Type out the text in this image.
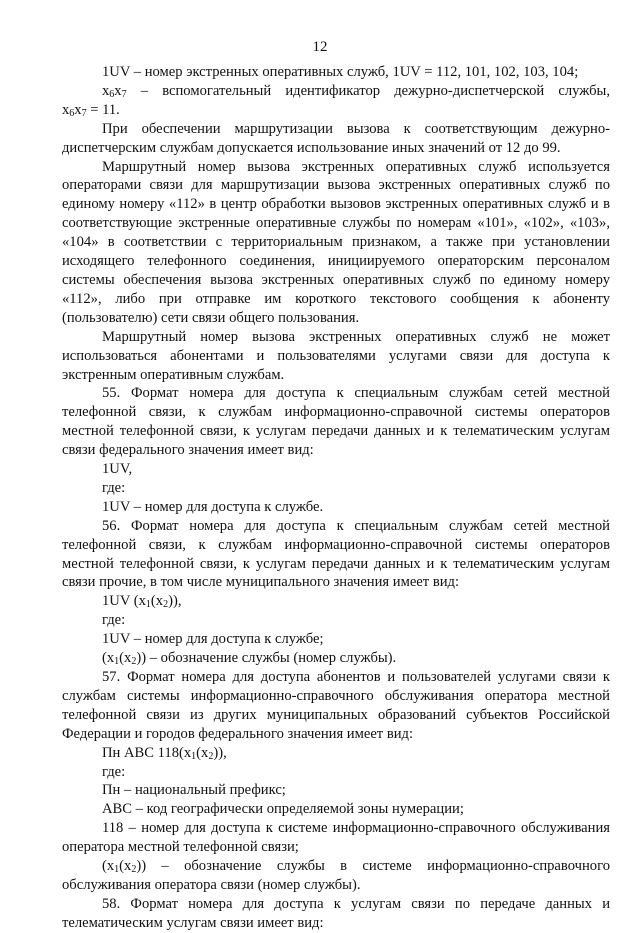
12

1UV – номер экстренных оперативных служб, 1UV = 112, 101, 102, 103, 104;

$x_6x_7$ – вспомогательный идентификатор дежурно-диспетчерской службы,

$x_6x_7 = 11$.

При обеспечении маршрутизации вызова к соответствующим дежурно-диспетчерским службам допускается использование иных значений от 12 до 99.

Маршрутный номер вызова экстренных оперативных служб используется операторами связи для маршрутизации вызова экстренных оперативных служб по единому номеру «112» в центр обработки вызовов экстренных оперативных служб и в соответствующие экстренные оперативные службы по номерам «101», «102», «103», «104» в соответствии с территориальным признаком, а также при установлении исходящего телефонного соединения, инициируемого операторским персоналом системы обеспечения вызова экстренных оперативных служб по единому номеру «112», либо при отправке им короткого текстового сообщения к абоненту (пользователю) сети связи общего пользования.

Маршрутный номер вызова экстренных оперативных служб не может использоваться абонентами и пользователями услугами связи для доступа к экстренным оперативным службам.

55. Формат номера для доступа к специальным службам сетей местной телефонной связи, к службам информационно-справочной системы операторов местной телефонной связи, к услугам передачи данных и к телематическим услугам связи федерального значения имеет вид:

1UV,

где:

1UV – номер для доступа к службе.

56. Формат номера для доступа к специальным службам сетей местной телефонной связи, к службам информационно-справочной системы операторов местной телефонной связи, к услугам передачи данных и к телематическим услугам связи прочие, в том числе муниципального значения имеет вид:

1UV $(x_1(x_2))$,

где:

1UV – номер для доступа к службе;

$(x_1(x_2))$ – обозначение службы (номер службы).

57. Формат номера для доступа абонентов и пользователей услугами связи к службам системы информационно-справочного обслуживания оператора местной телефонной связи из других муниципальных образований субъектов Российской Федерации и городов федерального значения имеет вид:

Пн ABC $118(x_1(x_2))$,

где:

Пн – национальный префикс;

ABC – код географически определяемой зоны нумерации;

118 – номер для доступа к системе информационно-справочного обслуживания оператора местной телефонной связи;

$(x_1(x_2))$ – обозначение службы в системе информационно-справочного обслуживания оператора связи (номер службы).

58. Формат номера для доступа к услугам связи по передаче данных и телематическим услугам связи имеет вид:
